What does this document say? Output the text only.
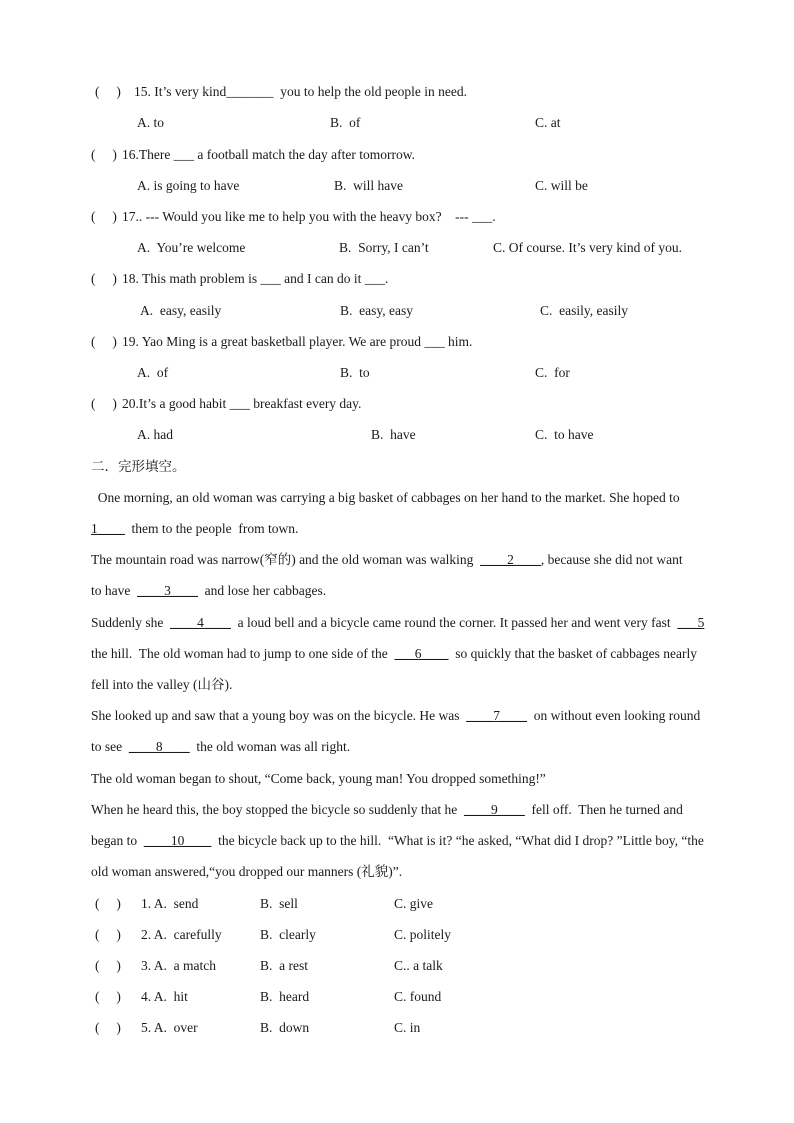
(     ) 15. It’s very kind_______  you to help the old people in need.
A. to	B.  of	C. at
(     ) 16.There ___ a football match the day after tomorrow.
A. is going to have	B.  will have	C. will be
(     ) 17.. --- Would you like me to help you with the heavy box?    --- ___.
A.  You’re welcome	B.  Sorry, I can’t	C. Of course. It’s very kind of you.
(     ) 18. This math problem is ___ and I can do it ___.
A.  easy, easily	B.  easy, easy	C.  easily, easily
(     ) 19. Yao Ming is a great basketball player. We are proud ___ him.
A.  of	B.  to	C.  for
(     ) 20.It’s a good habit ___ breakfast every day.
A. had	B.  have	C.  to have
二．完形填空。
One morning, an old woman was carrying a big basket of cabbages on her hand to the market. She hoped to
1____  them to the people  from town.
The mountain road was narrow(窄的) and the old woman was walking  ____2____, because she did not want
to have  ____3____  and lose her cabbages.
Suddenly she  ____4____  a loud bell and a bicycle came round the corner. It passed her and went very fast  ___5
the hill.  The old woman had to jump to one side of the  ___6____  so quickly that the basket of cabbages nearly
fell into the valley (山谷).
She looked up and saw that a young boy was on the bicycle. He was  ____7____  on without even looking round
to see  ____8____  the old woman was all right.
The old woman began to shout, “Come back, young man! You dropped something!”
When he heard this, the boy stopped the bicycle so suddenly that he  ____9____  fell off.  Then he turned and
began to  ____10____  the bicycle back up to the hill.  “What is it? “he asked, “What did I drop? ”Little boy, “the
old woman answered,“you dropped our manners (礼貌)”.
(     ) 1. A.  send	B.  sell	C. give
(     ) 2. A.  carefully	B.  clearly	C. politely
(     ) 3. A.  a match	B.  a rest	C.. a talk
(     ) 4. A.  hit	B.  heard	C. found
(     ) 5. A.  over	B.  down	C. in
